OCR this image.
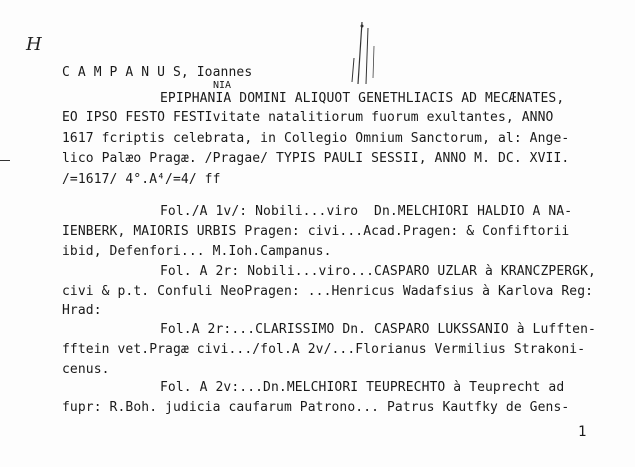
H
C A M P A N U S, Ioannes
NIA
EPIPHANIA DOMINI ALIQUOT GENETHLIACIS AD MECÆNATES,
EO IPSO FESTO FESTIvitate natalitiorum fuorum exultantes, ANNO
1617 fcriptis celebrata, in Collegio Omnium Sanctorum, al: Ange-
lico Palæo Pragæ. /Pragae/ TYPIS PAULI SESSII, ANNO M. DC. XVII.
/=1617/ 4°.A⁴/=4/ ff
Fol./A 1v/: Nobili...viro  Dn.MELCHIORI HALDIO A NA-
IENBERK, MAIORIS URBIS Pragen: civi...Acad.Pragen: & Confiftorii
ibid, Defenfori... M.Ioh.Campanus.
Fol. A 2r: Nobili...viro...CASPARO UZLAR à KRANCZPERGK,
civi & p.t. Confuli NeoPragen: ...Henricus Wadafsius à Karlova Reg:
Hrad:
Fol.A 2r:...CLARISSIMO Dn. CASPARO LUKSSANIO à Lufften-
fftein vet.Pragæ civi.../fol.A 2v/...Florianus Vermilius Strakoni-
cenus.
Fol. A 2v:...Dn.MELCHIORI TEUPRECHTO à Teuprecht ad
fupr: R.Boh. judicia caufarum Patrono... Patrus Kautfky de Gens-
1
